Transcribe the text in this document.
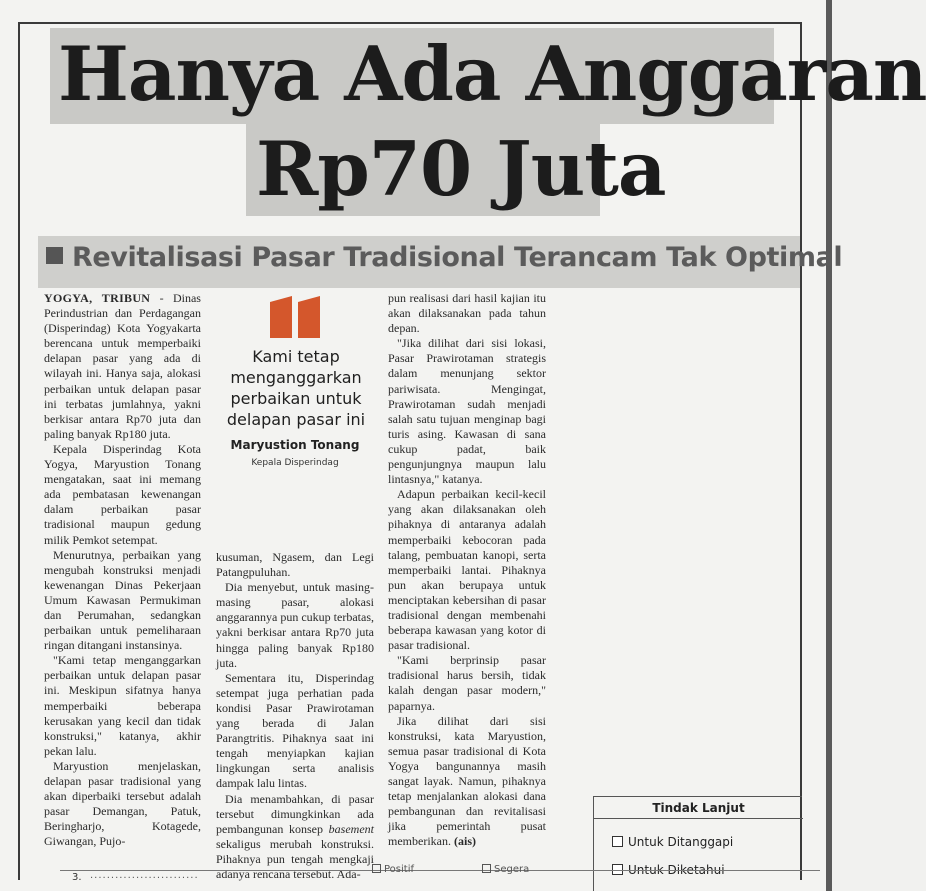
Hanya Ada Anggaran
Rp70 Juta
Revitalisasi Pasar Tradisional Terancam Tak Optimal

YOGYA, TRIBUN - Dinas Perindustrian dan Perdagangan (Disperindag) Kota Yogyakarta berencana untuk memperbaiki delapan pasar yang ada di wilayah ini. Hanya saja, alokasi perbaikan untuk delapan pasar ini terbatas jumlahnya, yakni berkisar antara Rp70 juta dan paling banyak Rp180 juta.

Kepala Disperindag Kota Yogya, Maryustion Tonang mengatakan, saat ini memang ada pembatasan kewenangan dalam perbaikan pasar tradisional maupun gedung milik Pemkot setempat.

Menurutnya, perbaikan yang mengubah konstruksi menjadi kewenangan Dinas Pekerjaan Umum Kawasan Permukiman dan Perumahan, sedangkan perbaikan untuk pemeliharaan ringan ditangani instansinya.

"Kami tetap menganggarkan perbaikan untuk delapan pasar ini. Meskipun sifatnya hanya memperbaiki beberapa kerusakan yang kecil dan tidak konstruksi," katanya, akhir pekan lalu.

Maryustion menjelaskan, delapan pasar tradisional yang akan diperbaiki tersebut adalah pasar Demangan, Patuk, Beringharjo, Kotagede, Giwangan, Pujo-

Kami tetap menganggarkan perbaikan untuk delapan pasar ini
Maryustion Tonang
Kepala Disperindag

kusuman, Ngasem, dan Legi Patangpuluhan.

Dia menyebut, untuk masing-masing pasar, alokasi anggarannya pun cukup terbatas, yakni berkisar antara Rp70 juta hingga paling banyak Rp180 juta.

Sementara itu, Disperindag setempat juga perhatian pada kondisi Pasar Prawirotaman yang berada di Jalan Parangtritis. Pihaknya saat ini tengah menyiapkan kajian lingkungan serta analisis dampak lalu lintas.

Dia menambahkan, di pasar tersebut dimungkinkan ada pembangunan konsep basement sekaligus merubah konstruksi. Pihaknya pun tengah mengkaji adanya rencana tersebut. Ada-

pun realisasi dari hasil kajian itu akan dilaksanakan pada tahun depan.

"Jika dilihat dari sisi lokasi, Pasar Prawirotaman strategis dalam menunjang sektor pariwisata. Mengingat, Prawirotaman sudah menjadi salah satu tujuan menginap bagi turis asing. Kawasan di sana cukup padat, baik pengunjungnya maupun lalu lintasnya," katanya.

Adapun perbaikan kecil-kecil yang akan dilaksanakan oleh pihaknya di antaranya adalah memperbaiki kebocoran pada talang, pembuatan kanopi, serta memperbaiki lantai. Pihaknya pun akan berupaya untuk menciptakan kebersihan di pasar tradisional dengan membenahi beberapa kawasan yang kotor di pasar tradisional.

"Kami berprinsip pasar tradisional harus bersih, tidak kalah dengan pasar modern," paparnya.

Jika dilihat dari sisi konstruksi, kata Maryustion, semua pasar tradisional di Kota Yogya bangunannya masih sangat layak. Namun, pihaknya tetap menjalankan alokasi dana pembangunan dan revitalisasi jika pemerintah pusat memberikan. (ais)

Tindak Lanjut
Untuk Ditanggapi
Untuk Diketahui
3. ..........................
Positif	Segera
